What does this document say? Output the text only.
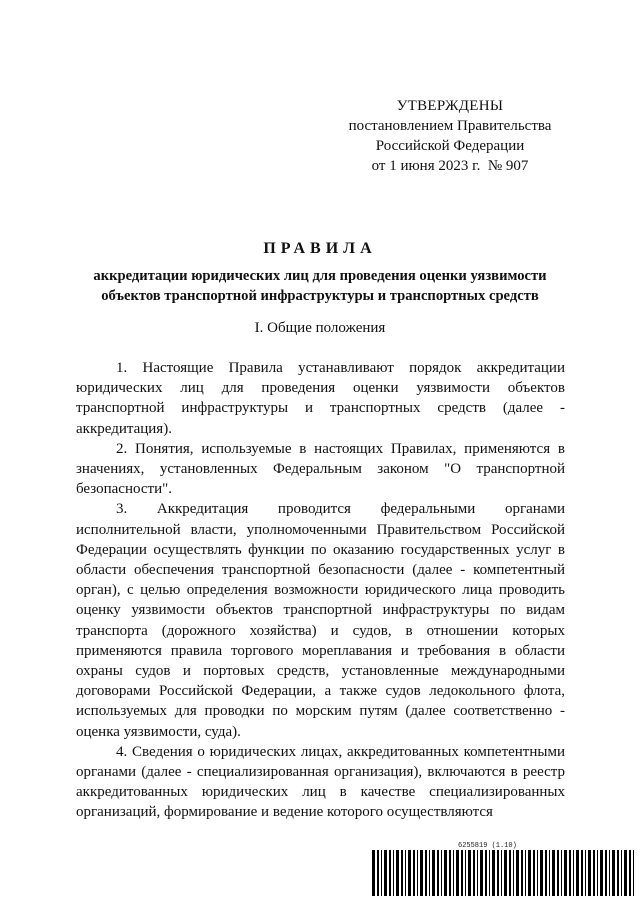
УТВЕРЖДЕНЫ
постановлением Правительства
Российской Федерации
от 1 июня 2023 г.  № 907
ПРАВИЛА
аккредитации юридических лиц для проведения оценки уязвимости объектов транспортной инфраструктуры и транспортных средств
I. Общие положения

1. Настоящие Правила устанавливают порядок аккредитации юридических лиц для проведения оценки уязвимости объектов транспортной инфраструктуры и транспортных средств (далее - аккредитация).

2. Понятия, используемые в настоящих Правилах, применяются в значениях, установленных Федеральным законом "О транспортной безопасности".

3. Аккредитация проводится федеральными органами исполнительной власти, уполномоченными Правительством Российской Федерации осуществлять функции по оказанию государственных услуг в области обеспечения транспортной безопасности (далее - компетентный орган), с целью определения возможности юридического лица проводить оценку уязвимости объектов транспортной инфраструктуры по видам транспорта (дорожного хозяйства) и судов, в отношении которых применяются правила торгового мореплавания и требования в области охраны судов и портовых средств, установленные международными договорами Российской Федерации, а также судов ледокольного флота, используемых для проводки по морским путям (далее соответственно - оценка уязвимости, суда).

4. Сведения о юридических лицах, аккредитованных компетентными органами (далее - специализированная организация), включаются в реестр аккредитованных юридических лиц в качестве специализированных организаций, формирование и ведение которого осуществляются

6255819 (1.10)
